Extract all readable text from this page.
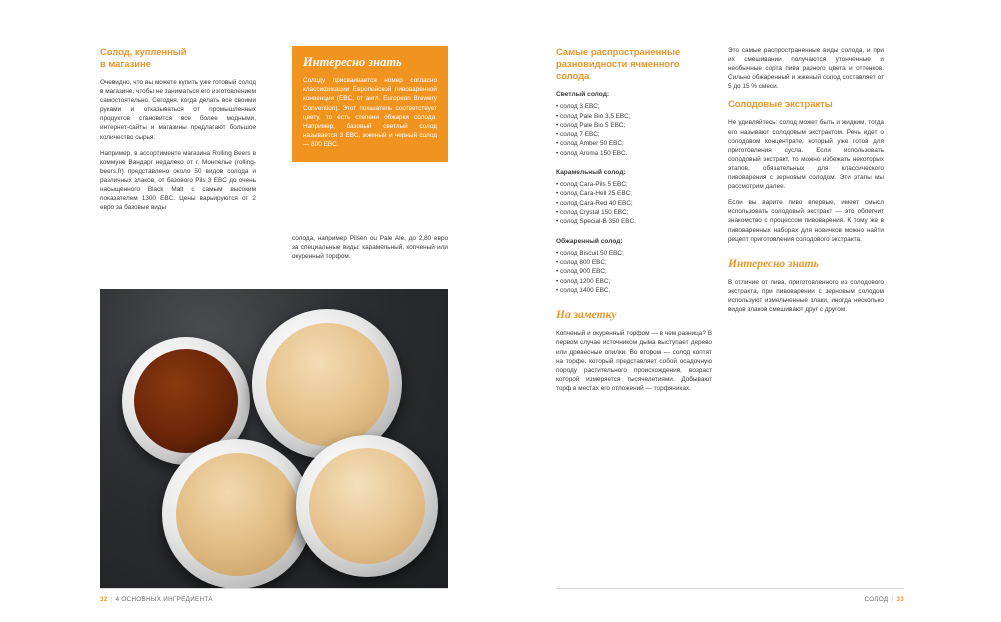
Солод, купленный
в магазине

Очевидно, что вы можете купить уже готовый солод в магазине, чтобы не заниматься его изготовлением самостоятельно. Сегодня, когда делать все своими руками и отказываться от промышленных продуктов становится все более модными, интернет-сайты и магазины предлагают большое количество сырья.

Например, в ассортименте магазина Rolling Beers в коммуне Вандарг недалеко от г. Монпелье (rolling-beers.fr) представлено около 50 видов солода и различных злаков, от базового Pils 3 EBC до очень насыщенного Black Malt с самым высоким показателем 1300 EBC. Цены варьируются от 2 евро за базовые виды

Интересно знать

Солоду присваивается номер согласно классификации Европейской пивоваренной конвенции (EBC, от англ. European Brewery Convention). Этот показатель соответствует цвету, то есть степени обжарки солода. Например, базовый светлый солод называется 3 EBC, жженый и черный солод — 800 EBC.

солода, например Pilsen ou Pale Ale, до 2,80 евро за специальные виды: карамельный, копченый или окуренный торфом.

Самые распространенные
разновидности ячменного
солода
Светлый солод:
• солод 3 EBC;
• солод Pale Bio 3,5 EBC;
• солод Pale Bio 5 EBC;
• солод 7 EBC;
• солод Amber 50 EBC;
• солод Aroma 150 EBC.
Карамельный солод:
• солод Cara-Pils 5 EBC;
• солод Cara-Hell 25 EBC;
• солод Cara-Red 40 EBC;
• солод Crystal 150 EBC;
• солод Special-B 350 EBC.
Обжаренный солод:
• солод Biscuit 50 EBC;
• солод 800 EBC;
• солод 900 EBC;
• солод 1200 EBC;
• солод 1400 EBC.
На заметку

Копченый и окуренный торфом — в чем разница? В первом случае источником дыма выступает дерево или древесные опилки. Во втором — солод коптят на торфе, который представляет собой осадочную породу растительного происхождения, возраст которой измеряется тысячелетиями. Добывают торф в местах его отложений — торфяниках.

Это самые распространенные виды солода, и при их смешивании получаются утонченные и необычные сорта пива разного цвета и оттенков. Сильно обжаренный и жженый солод составляет от 5 до 15 % смеси.

Солодовые экстракты

Не удивляйтесь: солод может быть и жидким, тогда его называют солодовым экстрактом. Речь идет о солодовом концентрате, который уже готов для приготовления сусла. Если использовать солодовый экстракт, то можно избежать некоторых этапов, обязательных для классического пивоварения с зерновым солодом. Эти этапы мы рассмотрим далее.

Если вы варите пиво впервые, имеет смысл использовать солодовый экстракт — это облегчит знакомство с процессом пивоварения. К тому же в пивоваренных наборах для новичков можно найти рецепт приготовления солодового экстракта.

Интересно знать

В отличие от пива, приготовленного из солодового экстракта, при пивоварении с зерновым солодом используют измельченные злаки, иногда несколько видов злаков смешивают друг с другом.

32 | 4 ОСНОВНЫХ ИНГРЕДИЕНТА	СОЛОД | 33
